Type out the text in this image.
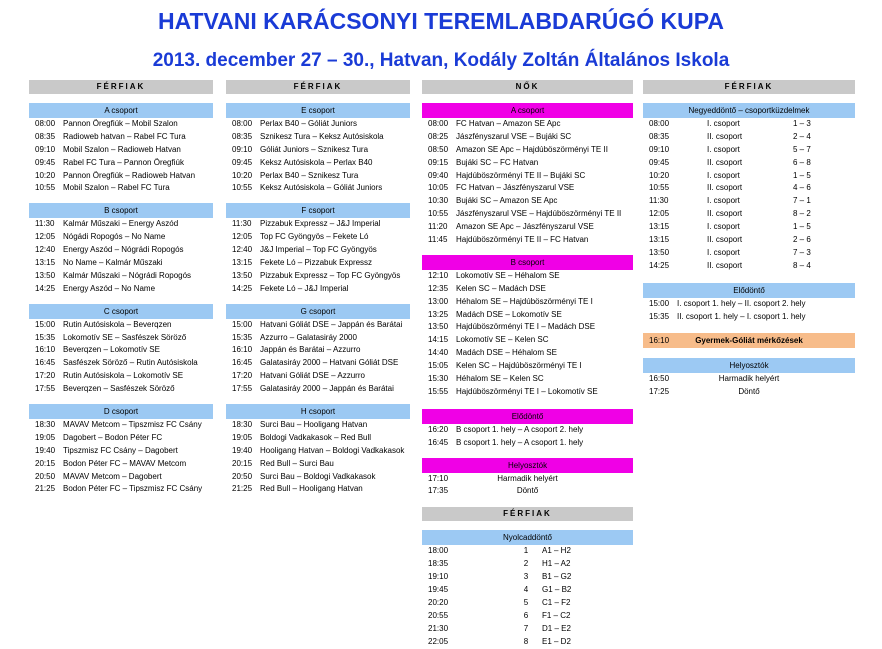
HATVANI KARÁCSONYI TEREMLABDARÚGÓ KUPA
2013. december 27 – 30., Hatvan, Kodály Zoltán Általános Iskola
FÉRFIAK
A csoport
08:00 Pannon Öregfiúk – Mobil Szalon
08:35 Radioweb hatvan – Rabel FC Tura
09:10 Mobil Szalon – Radioweb Hatvan
09:45 Rabel FC Tura – Pannon Öregfiúk
10:20 Pannon Öregfiúk – Radioweb Hatvan
10:55 Mobil Szalon – Rabel FC Tura
B csoport
11:30 Kalmár Műszaki – Energy Aszód
12:05 Nógádi Ropogós – No Name
12:40 Energy Aszód – Nógrádi Ropogós
13:15 No Name – Kalmár Műszaki
13:50 Kalmár Műszaki – Nógrádi Ropogós
14:25 Energy Aszód – No Name
C csoport
15:00 Rutin Autósiskola – Beverqzen
15:35 Lokomotív SE – Sasfészek Söröző
16:10 Beverqzen – Lokomotív SE
16:45 Sasfészek Söröző – Rutin Autósiskola
17:20 Rutin Autósiskola – Lokomotív SE
17:55 Beverqzen – Sasfészek Söröző
D csoport
18:30 MAVAV Metcom – Tipszmisz FC Csány
19:05 Dagobert – Bodon Péter FC
19:40 Tipszmisz FC Csány – Dagobert
20:15 Bodon Péter FC – MAVAV Metcom
20:50 MAVAV Metcom – Dagobert
21:25 Bodon Péter FC – Tipszmisz FC Csány
FÉRFIAK
E csoport
08:00 Perlax B40 – Góliát Juniors
08:35 Sznikesz Tura – Keksz Autósiskola
09:10 Góliát Juniors – Sznikesz Tura
09:45 Keksz Autósiskola – Perlax B40
10:20 Perlax B40 – Sznikesz Tura
10:55 Keksz Autósiskola – Góliát Juniors
F csoport
11:30 Pizzabuk Expressz – J&J Imperial
12:05 Top FC Gyöngyös – Fekete Ló
12:40 J&J Imperial – Top FC Gyöngyös
13:15 Fekete Ló – Pizzabuk Expressz
13:50 Pizzabuk Expressz – Top FC Gyöngyös
14:25 Fekete Ló – J&J Imperial
G csoport
15:00 Hatvani Góliát DSE – Jappán és Barátai
15:35 Azzurro – Galatasiráy 2000
16:10 Jappán és Barátai – Azzurro
16:45 Galatasiráy 2000 – Hatvani Góliát DSE
17:20 Hatvani Góliát DSE – Azzurro
17:55 Galatasiráy 2000 – Jappán és Barátai
H csoport
18:30 Surci Bau – Hooligang Hatvan
19:05 Boldogi Vadkakasok – Red Bull
19:40 Hooligang Hatvan – Boldogi Vadkakasok
20:15 Red Bull – Surci Bau
20:50 Surci Bau – Boldogi Vadkakasok
21:25 Red Bull – Hooligang Hatvan
NŐK
A csoport
08:00 FC Hatvan – Amazon SE Apc
08:25 Jászfényszarul VSE – Bujáki SC
08:50 Amazon SE Apc – Hajdúböszörményi TE II
09:15 Bujáki SC – FC Hatvan
09:40 Hajdúböszörményi TE II – Bujáki SC
10:05 FC Hatvan – Jászfényszarul VSE
10:30 Bujáki SC – Amazon SE Apc
10:55 Jászfényszarul VSE – Hajdúböszörményi TE II
11:20 Amazon SE Apc – Jászfényszarul VSE
11:45 Hajdúböszörményi TE II – FC Hatvan
B csoport
12:10 Lokomotív SE – Héhalom SE
12:35 Kelen SC – Madách DSE
13:00 Héhalom SE – Hajdúböszörményi TE I
13:25 Madách DSE – Lokomotív SE
13:50 Hajdúböszörményi TE I – Madách DSE
14:15 Lokomotív SE – Kelen SC
14:40 Madách DSE – Héhalom SE
15:05 Kelen SC – Hajdúböszörményi TE I
15:30 Héhalom SE – Kelen SC
15:55 Hajdúböszörményi TE I – Lokomotív SE
Elődöntő
16:20 B csoport 1. hely – A csoport 2. hely
16:45 B csoport 1. hely – A csoport 1. hely
Helyosztók
17:10	Harmadik helyért
17:35	Döntő
FÉRFIAK
Nyolcaddöntő
18:00	1	A1 – H2
18:35	2	H1 – A2
19:10	3	B1 – G2
19:45	4	G1 – B2
20:20	5	C1 – F2
20:55	6	F1 – C2
21:30	7	D1 – E2
22:05	8	E1 – D2
FÉRFIAK
Negyeddöntő – csoportküzdelmek
08:00	I. csoport	1 – 3
08:35	II. csoport	2 – 4
09:10	I. csoport	5 – 7
09:45	II. csoport	6 – 8
10:20	I. csoport	1 – 5
10:55	II. csoport	4 – 6
11:30	I. csoport	7 – 1
12:05	II. csoport	8 – 2
13:15	I. csoport	1 – 5
13:15	II. csoport	2 – 6
13:50	I. csoport	7 – 3
14:25	II. csoport	8 – 4
Elődöntő
15:00 I. csoport 1. hely – II. csoport 2. hely
15:35 II. csoport 1. hely – I. csoport 1. hely
16:10	Gyermek-Góliát mérkőzések
Helyosztók
16:50	Harmadik helyért
17:25	Döntő
